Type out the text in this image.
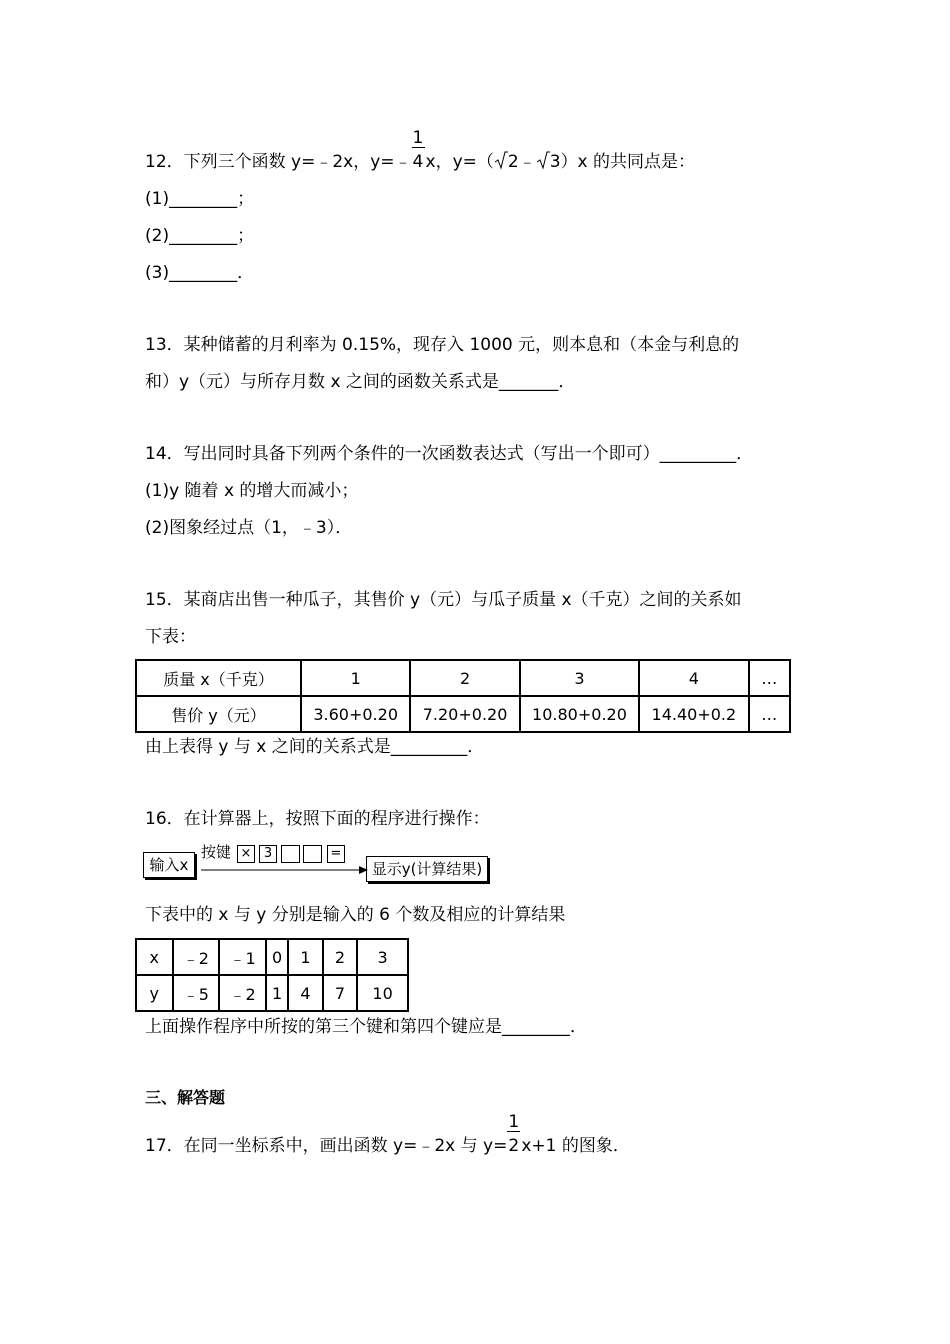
12．下列三个函数 y=﹣2x，y=﹣ $\frac{1}{4}$ x，y=（ 2﹣ 3）x 的共同点是：
(1)________；
(2)________；
(3)________．
13．某种储蓄的月利率为 0.15%，现存入 1000 元，则本息和（本金与利息的
和）y（元）与所存月数 x 之间的函数关系式是_______．
14．写出同时具备下列两个条件的一次函数表达式（写出一个即可）_________．
(1)y 随着 x 的增大而减小；
(2)图象经过点（1，﹣3）．
15．某商店出售一种瓜子，其售价 y（元）与瓜子质量 x（千克）之间的关系如
下表：
质量 x（千克）	1	2	3	4	…
售价 y（元）	3.60+0.20	7.20+0.20	10.80+0.20	14.40+0.2	…
由上表得 y 与 x 之间的关系式是_________．
16．在计算器上，按照下面的程序进行操作：
输入x
按键 × 3	=
显示y(计算结果)
下表中的 x 与 y 分别是输入的 6 个数及相应的计算结果
x	﹣2	﹣1	0	1	2	3
y	﹣5	﹣2	1	4	7	10
上面操作程序中所按的第三个键和第四个键应是________．
三、解答题
17．在同一坐标系中，画出函数 y=﹣2x 与 $y= \frac{1}{2} x+1$ 的图象．
